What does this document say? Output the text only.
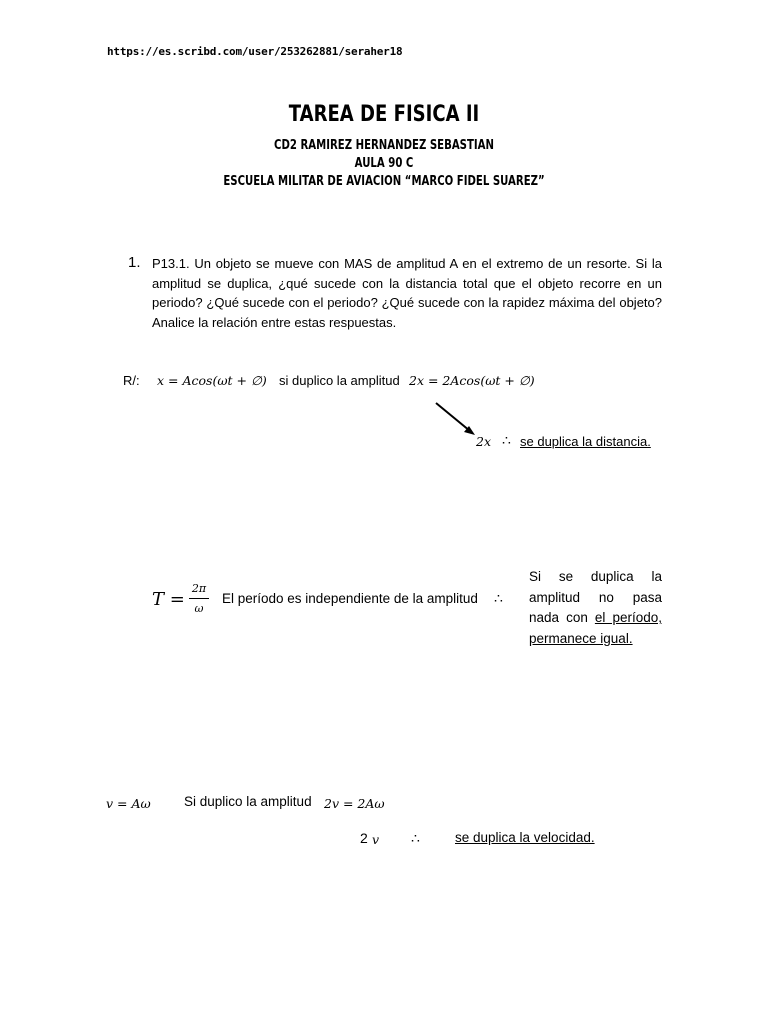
https://es.scribd.com/user/253262881/seraher18
TAREA DE FISICA II
CD2 RAMIREZ HERNANDEZ SEBASTIAN
AULA 90 C
ESCUELA MILITAR DE AVIACION “MARCO FIDEL SUAREZ”
1. P13.1. Un objeto se mueve con MAS de amplitud A en el extremo de un resorte. Si la amplitud se duplica, ¿qué sucede con la distancia total que el objeto recorre en un periodo? ¿Qué sucede con el periodo? ¿Qué sucede con la rapidez máxima del objeto? Analice la relación entre estas respuestas.
R/: x = Acos(ωt + ∅) si duplico la amplitud 2x = 2Acos(ωt + ∅)
2x ∴ se duplica la distancia.
T =
2π
ω
El período es independiente de la amplitud ∴
Si se duplica la amplitud no pasa nada con el período, permanece igual.
v = Aω Si duplico la amplitud 2v = 2Aω
2 v ∴	se duplica la velocidad.
